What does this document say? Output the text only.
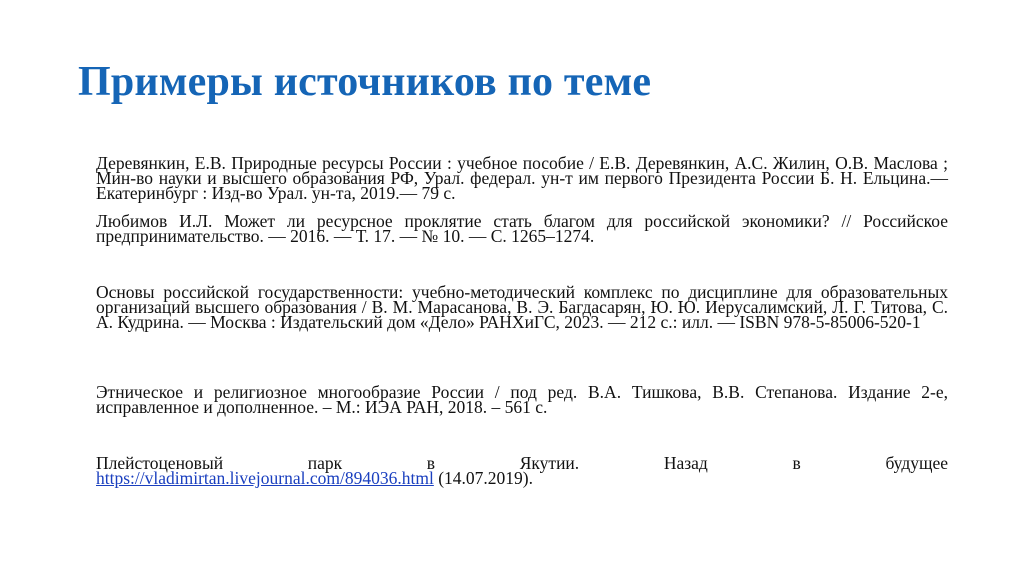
Примеры источников по теме

Деревянкин, Е.В. Природные ресурсы России : учебное пособие / Е.В. Деревянкин, А.С. Жилин, О.В. Маслова ; Мин-во науки и высшего образования РФ, Урал. федерал. ун-т им первого Президента России Б. Н. Ельцина.— Екатеринбург : Изд-во Урал. ун-та, 2019.— 79 с.

Любимов И.Л. Может ли ресурсное проклятие стать благом для российской экономики? // Российское предпринимательство. — 2016. — Т. 17. — № 10. — С. 1265–1274.

Основы российской государственности: учебно-методический комплекс по дисциплине для образовательных организаций высшего образования / В. М. Марасанова, В. Э. Багдасарян, Ю. Ю. Иерусалимский, Л. Г. Титова, С. А. Кудрина. — Москва : Издательский дом «Дело» РАНХиГС, 2023. — 212 с.: илл. — ISBN 978-5-85006-520-1

Этническое и религиозное многообразие России / под ред. В.А. Тишкова, В.В. Степанова. Издание 2-е, исправленное и дополненное. – М.: ИЭА РАН, 2018. – 561 с.

Плейстоценовый парк в Якутии. Назад в будущее
https://vladimirtan.livejournal.com/894036.html (14.07.2019).
